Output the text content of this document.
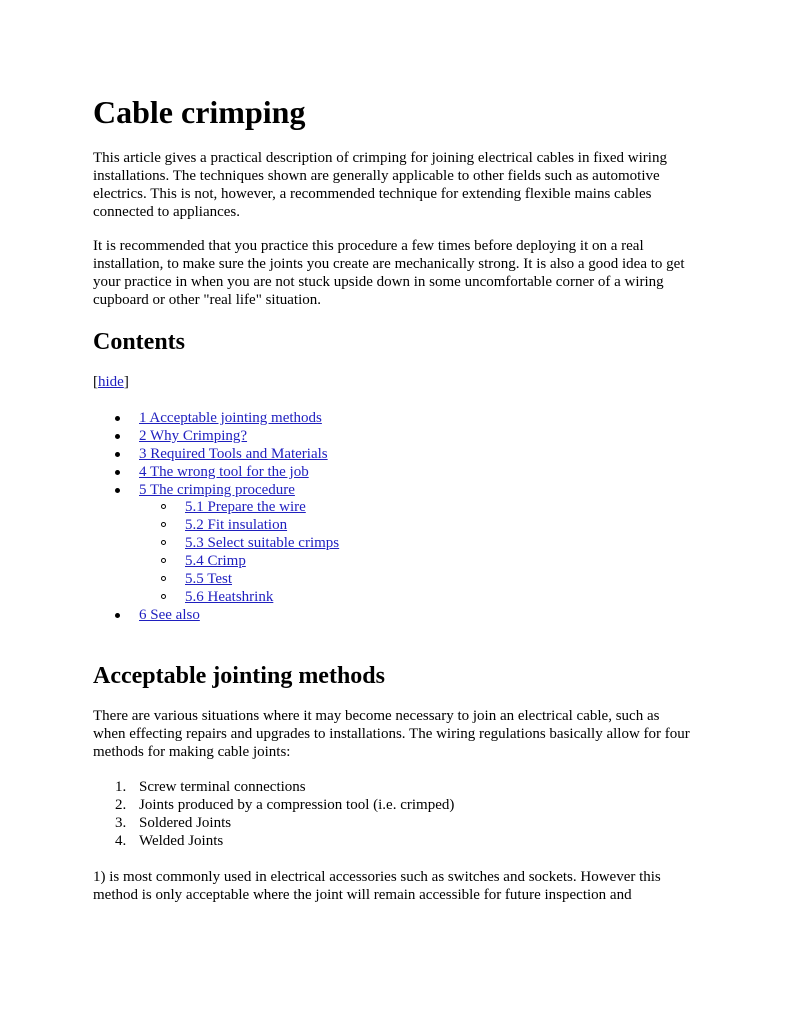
Cable crimping

This article gives a practical description of crimping for joining electrical cables in fixed wiring installations. The techniques shown are generally applicable to other fields such as automotive electrics. This is not, however, a recommended technique for extending flexible mains cables connected to appliances.

It is recommended that you practice this procedure a few times before deploying it on a real installation, to make sure the joints you create are mechanically strong. It is also a good idea to get your practice in when you are not stuck upside down in some uncomfortable corner of a wiring cupboard or other "real life" situation.

Contents
[hide]
1 Acceptable jointing methods
2 Why Crimping?
3 Required Tools and Materials
4 The wrong tool for the job
5 The crimping procedure
5.1 Prepare the wire
5.2 Fit insulation
5.3 Select suitable crimps
5.4 Crimp
5.5 Test
5.6 Heatshrink
6 See also
Acceptable jointing methods

There are various situations where it may become necessary to join an electrical cable, such as when effecting repairs and upgrades to installations. The wiring regulations basically allow for four methods for making cable joints:

1. Screw terminal connections
2. Joints produced by a compression tool (i.e. crimped)
3. Soldered Joints
4. Welded Joints

1) is most commonly used in electrical accessories such as switches and sockets. However this method is only acceptable where the joint will remain accessible for future inspection and
